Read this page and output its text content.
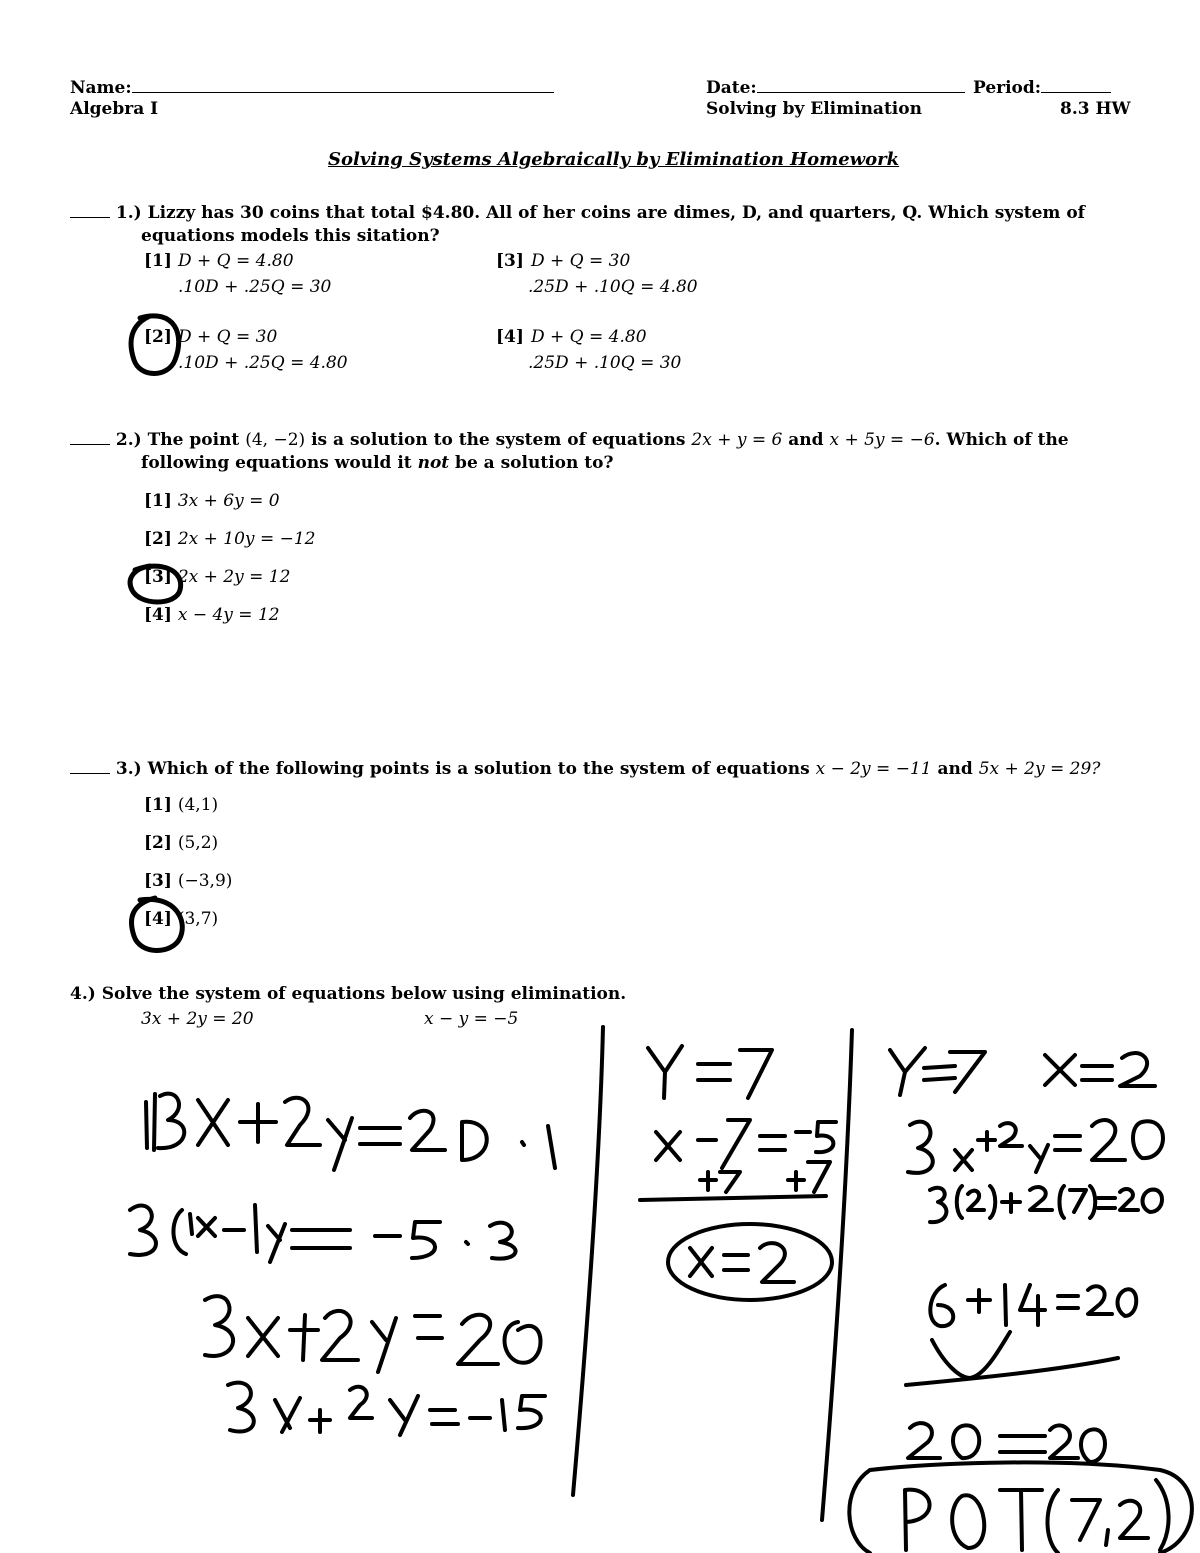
Name:	Date:	Period:
Algebra I	Solving by Elimination	8.3 HW
Solving Systems Algebraically by Elimination Homework
1.) Lizzy has 30 coins that total $4.80. All of her coins are dimes, D, and quarters, Q. Which system of
equations models this sitation?
[1] D + Q = 4.80
.10D + .25Q = 30
[3] D + Q = 30
.25D + .10Q = 4.80
[2] D + Q = 30
.10D + .25Q = 4.80
[4] D + Q = 4.80
.25D + .10Q = 30
2.) The point (4, −2) is a solution to the system of equations 2x + y = 6 and x + 5y = −6. Which of the
following equations would it not be a solution to?
[1] 3x + 6y = 0
[2] 2x + 10y = −12
[3] 2x + 2y = 12
[4] x − 4y = 12
3.) Which of the following points is a solution to the system of equations x − 2y = −11 and 5x + 2y = 29?
[1] (4,1)
[2] (5,2)
[3] (−3,9)
[4] (3,7)
4.) Solve the system of equations below using elimination.
3x + 2y = 20	x − y = −5
